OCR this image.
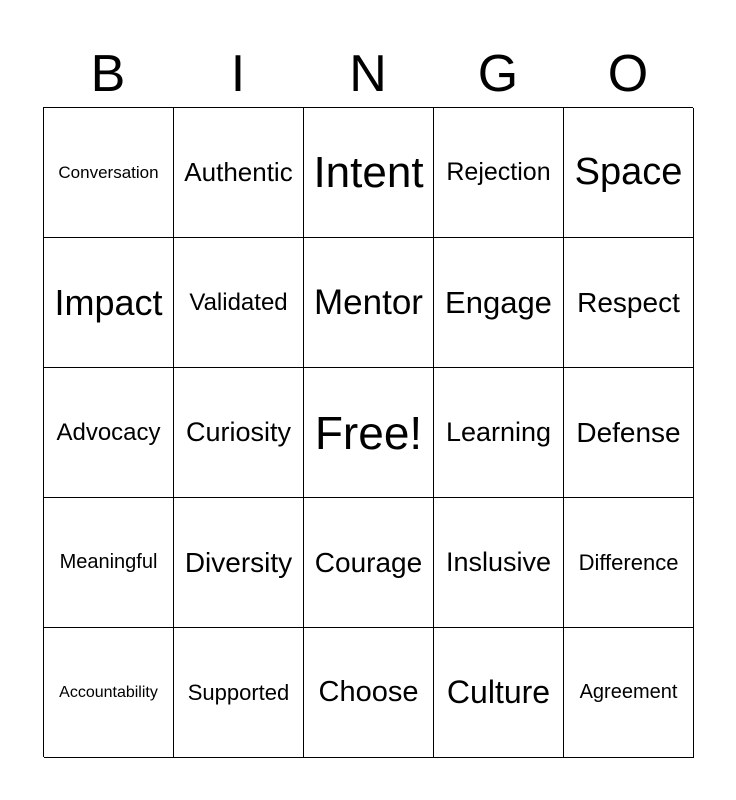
B	I	N	G	O
Conversation Authentic Intent Rejection Space
Impact	Validated Mentor Engage Respect
Advocacy Curiosity Free! Learning Defense
Meaningful Diversity Courage Inslusive	Difference
Accountability	Supported	Choose Culture	Agreement
